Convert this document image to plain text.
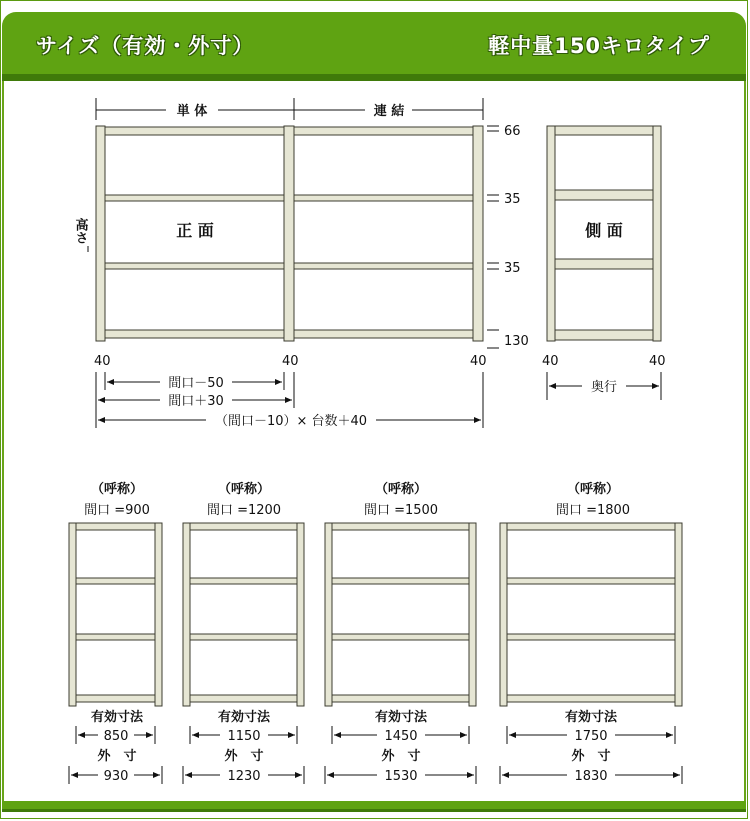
サイズ（有効・外寸）	軽中量150キロタイプ
単 体	連 結
高さ	正 面
66
35
35
130
40	40	40
間口－50
間口＋30
（間口－10）× 台数＋40
側 面
40	40
奥行
（呼称）
間口 =900
有効寸法
850
外　寸
930
（呼称）
間口 =1200
有効寸法
1150
外　寸
1230
（呼称）
間口 =1500
有効寸法
1450
外　寸
1530
（呼称）
間口 =1800
有効寸法
1750
外　寸
1830
